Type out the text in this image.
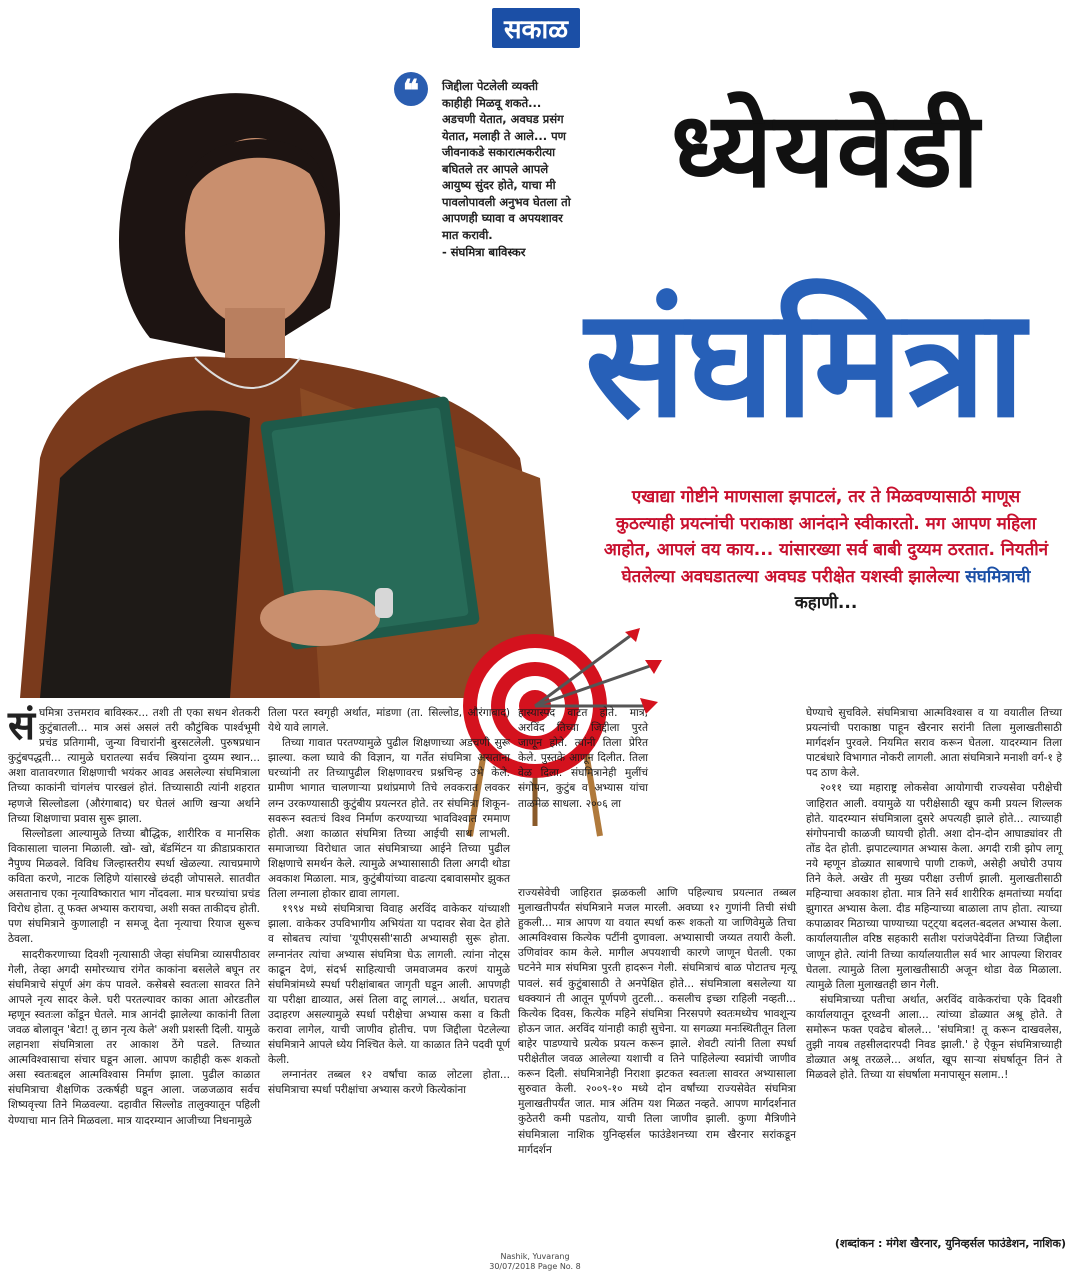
सकाळ
❝	जिद्दीला पेटलेली व्यक्ती
काहीही मिळवू शकते...
अडचणी येतात, अवघड प्रसंग
येतात, मलाही ते आले... पण
जीवनाकडे सकारात्मकरीत्या
बघितले तर आपले आपले
आयुष्य सुंदर होते, याचा मी
पावलोपावली अनुभव घेतला तो
आपणही घ्यावा व अपयशावर
मात करावी.
- संघमित्रा बाविस्कर
ध्येयवेडी
संघमित्रा
एखाद्या गोष्टीने माणसाला झपाटलं, तर ते मिळवण्यासाठी माणूस कुठल्याही प्रयत्नांची पराकाष्ठा आनंदाने स्वीकारतो. मग आपण महिला आहोत, आपलं वय काय... यांसारख्या सर्व बाबी दुय्यम ठरतात. नियतीनं घेतलेल्या अवघडातल्या अवघड परीक्षेत यशस्वी झालेल्या संघमित्राची कहाणी...

संघमित्रा उत्तमराव बाविस्कर... तशी ती एका सधन शेतकरी कुटुंबातली... मात्र असं असलं तरी कौटुंबिक पार्श्वभूमी प्रचंड प्रतिगामी, जुन्या विचारांनी बुरसटलेली. पुरुषप्रधान कुटुंबपद्धती... त्यामुळे घरातल्या सर्वच स्त्रियांना दुय्यम स्थान... अशा वातावरणात शिक्षणाची भयंकर आवड असलेल्या संघमित्राला तिच्या काकांनी चांगलंच पारखलं होतं. तिच्यासाठी त्यांनी शहरात म्हणजे सिल्लोडला (औरंगाबाद) घर घेतलं आणि खऱ्या अर्थाने तिच्या शिक्षणाचा प्रवास सुरू झाला.

सिल्लोडला आल्यामुळे तिच्या बौद्धिक, शारीरिक व मानसिक विकासाला चालना मिळाली. खो- खो, बॅडमिंटन या क्रीडाप्रकारात नैपुण्य मिळवले. विविध जिल्हास्तरीय स्पर्धा खेळल्या. त्याचप्रमाणे कविता करणे, नाटक लिहिणे यांसारखे छंदही जोपासले. सातवीत असतानाच एका नृत्याविष्कारात भाग नोंदवला. मात्र घरच्यांचा प्रचंड विरोध होता. तू फक्त अभ्यास करायचा, अशी सक्त ताकीदच होती. पण संघमित्राने कुणालाही न समजू देता नृत्याचा रियाज सुरूच ठेवला.

सादरीकरणाच्या दिवशी नृत्यासाठी जेव्हा संघमित्रा व्यासपीठावर गेली, तेव्हा अगदी समोरच्याच रांगेत काकांना बसलेले बघून तर संघमित्राचे संपूर्ण अंग कंप पावले. कसेबसे स्वतःला सावरत तिने आपले नृत्य सादर केले. घरी परतल्यावर काका आता ओरडतील म्हणून स्वतःला कोंडून घेतले. मात्र आनंदी झालेल्या काकांनी तिला जवळ बोलावून 'बेटा! तू छान नृत्य केले' अशी प्रशस्ती दिली. यामुळे लहानशा संघमित्राला तर आकाश ठेंगे पडले. तिच्यात आत्मविश्वासाचा संचार घडून आला. आपण काहीही करू शकतो असा स्वतःबद्दल आत्मविश्वास निर्माण झाला. पुढील काळात संघमित्राचा शैक्षणिक उत्कर्षही घडून आला. जळजळाव सर्वच शिष्यवृत्त्या तिने मिळवल्या. दहावीत सिल्लोड तालुक्यातून पहिली येण्याचा मान तिने मिळवला. मात्र यादरम्यान आजीच्या निधनामुळे

तिला परत स्वगृही अर्थात, मांडणा (ता. सिल्लोड, औरंगाबाद) येथे यावे लागले.

तिच्या गावात परतण्यामुळे पुढील शिक्षणाच्या अडचणी सुरू झाल्या. कला घ्यावे की विज्ञान, या गर्तेत संघमित्रा असताना घरच्यांनी तर तिच्यापुढील शिक्षणावरच प्रश्नचिन्ह उभे केले. ग्रामीण भागात चालणाऱ्या प्रथांप्रमाणे तिचे लवकरात लवकर लग्न उरकण्यासाठी कुटुंबीय प्रयत्नरत होते. तर संघमित्रा शिकून-सवरून स्वतःचं विश्व निर्माण करण्याच्या भावविश्वात रममाण होती. अशा काळात संघमित्रा तिच्या आईची साथ लाभली. समाजाच्या विरोधात जात संघमित्राच्या आईने तिच्या पुढील शिक्षणाचे समर्थन केले. त्यामुळे अभ्यासासाठी तिला अगदी थोडा अवकाश मिळाला. मात्र, कुटुंबीयांच्या वाढत्या दबावासमोर झुकत तिला लग्नाला होकार द्यावा लागला.

१९९४ मध्ये संघमित्राचा विवाह अरविंद वाकेकर यांच्याशी झाला. वाकेकर उपविभागीय अभियंता या पदावर सेवा देत होते व सोबतच त्यांचा 'यूपीएससी'साठी अभ्यासही सुरू होता. लग्नानंतर त्यांचा अभ्यास संघमित्रा घेऊ लागली. त्यांना नोट्स काढून देणं, संदर्भ साहित्याची जमवाजमव करणं यामुळे संघमित्रांमध्ये स्पर्धा परीक्षांबाबत जागृती घडून आली. आपणही या परीक्षा द्याव्यात, असं तिला वाटू लागलं... अर्थात, घरातच उदाहरण असल्यामुळे स्पर्धा परीक्षेचा अभ्यास कसा व किती करावा लागेल, याची जाणीव होतीच. पण जिद्दीला पेटलेल्या संघमित्राने आपले ध्येय निश्चित केले. या काळात तिने पदवी पूर्ण केली.

लग्नानंतर तब्बल १२ वर्षांचा काळ लोटला होता... संघमित्राचा स्पर्धा परीक्षांचा अभ्यास करणे कित्येकांना

हास्यास्पद वाटत होते. मात्र, अरविंद तिच्या जिद्दीला पुरते जाणून होते. त्यांनी तिला प्रेरित केले. पुस्तके आणून दिलीत. तिला वेळ दिला. संघमित्रानेही मुलींचं संगोपन, कुटुंब व अभ्यास यांचा ताळमेळ साधला. २००६ ला

राज्यसेवेची जाहिरात झळकली आणि पहिल्याच प्रयत्नात तब्बल मुलाखतीपर्यंत संघमित्राने मजल मारली. अवघ्या १२ गुणांनी तिची संधी हुकली... मात्र आपण या वयात स्पर्धा करू शकतो या जाणिवेमुळे तिचा आत्मविश्वास कित्येक पटींनी दुणावला. अभ्यासाची जय्यत तयारी केली. उणिवांवर काम केले. मागील अपयशाची कारणे जाणून घेतली. एका घटनेने मात्र संघमित्रा पुरती हादरून गेली. संघमित्राचं बाळ पोटातच मृत्यू पावलं. सर्व कुटुंबासाठी ते अनपेक्षित होते... संघमित्राला बसलेल्या या धक्क्यानं ती आतून पूर्णपणे तुटली... कसलीच इच्छा राहिली नव्हती... कित्येक दिवस, कित्येक महिने संघमित्रा निरसपणे स्वतःमध्येच भावशून्य होऊन जात. अरविंद यांनाही काही सुचेना. या सगळ्या मनःस्थितीतून तिला बाहेर पाडण्याचे प्रत्येक प्रयत्न करून झाले. शेवटी त्यांनी तिला स्पर्धा परीक्षेतील जवळ आलेल्या यशाची व तिने पाहिलेल्या स्वप्नांची जाणीव करून दिली. संघमित्रानेही निराशा झटकत स्वतःला सावरत अभ्यासाला सुरुवात केली. २००९-१० मध्ये दोन वर्षांच्या राज्यसेवेत संघमित्रा मुलाखतीपर्यंत जात. मात्र अंतिम यश मिळत नव्हते. आपण मार्गदर्शनात कुठेतरी कमी पडतोय, याची तिला जाणीव झाली. कुणा मैत्रिणीने संघमित्राला नाशिक युनिव्हर्सल फाउंडेशनच्या राम खैरनार सरांकडून मार्गदर्शन

घेण्याचे सुचविले. संघमित्राचा आत्मविश्वास व या वयातील तिच्या प्रयत्नांची पराकाष्ठा पाहून खैरनार सरांनी तिला मुलाखतीसाठी मार्गदर्शन पुरवले. नियमित सराव करून घेतला. यादरम्यान तिला पाटबंधारे विभागात नोकरी लागली. आता संघमित्राने मनाशी वर्ग-१ हे पद ठाण केले.

२०११ च्या महाराष्ट्र लोकसेवा आयोगाची राज्यसेवा परीक्षेची जाहिरात आली. वयामुळे या परीक्षेसाठी खूप कमी प्रयत्न शिल्लक होते. यादरम्यान संघमित्राला दुसरे अपत्यही झाले होते... त्याच्याही संगोपनाची काळजी घ्यायची होती. अशा दोन-दोन आघाड्यांवर ती तोंड देत होती. झपाटल्यागत अभ्यास केला. अगदी रात्री झोप लागू नये म्हणून डोळ्यात साबणाचे पाणी टाकणे, असेही अघोरी उपाय तिने केले. अखेर ती मुख्य परीक्षा उत्तीर्ण झाली. मुलाखतीसाठी महिन्याचा अवकाश होता. मात्र तिने सर्व शारीरिक क्षमतांच्या मर्यादा झुगारत अभ्यास केला. दीड महिन्याच्या बाळाला ताप होता. त्याच्या कपाळावर मिठाच्या पाण्याच्या पट्ट्या बदलत-बदलत अभ्यास केला. कार्यालयातील वरिष्ठ सहकारी सतीश परांजपेदेवींना तिच्या जिद्दीला जाणून होते. त्यांनी तिच्या कार्यालयातील सर्व भार आपल्या शिरावर घेतला. त्यामुळे तिला मुलाखतीसाठी अजून थोडा वेळ मिळाला. त्यामुळे तिला मुलाखतही छान गेली.

संघमित्राच्या पतीचा अर्थात, अरविंद वाकेकरांचा एके दिवशी कार्यालयातून दूरध्वनी आला... त्यांच्या डोळ्यात अश्रू होते. ते समोरून फक्त एवढेच बोलले... 'संघमित्रा! तू करून दाखवलेस, तुझी नायब तहसीलदारपदी निवड झाली.' हे ऐकून संघमित्राच्याही डोळ्यात अश्रू तरळले... अर्थात, खूप साऱ्या संघर्षातून तिनं ते मिळवले होते. तिच्या या संघर्षाला मनापासून सलाम..!

(शब्दांकन : मंगेश खैरनार, युनिव्हर्सल फाउंडेशन, नाशिक)
Nashik, Yuvarang
30/07/2018 Page No. 8
